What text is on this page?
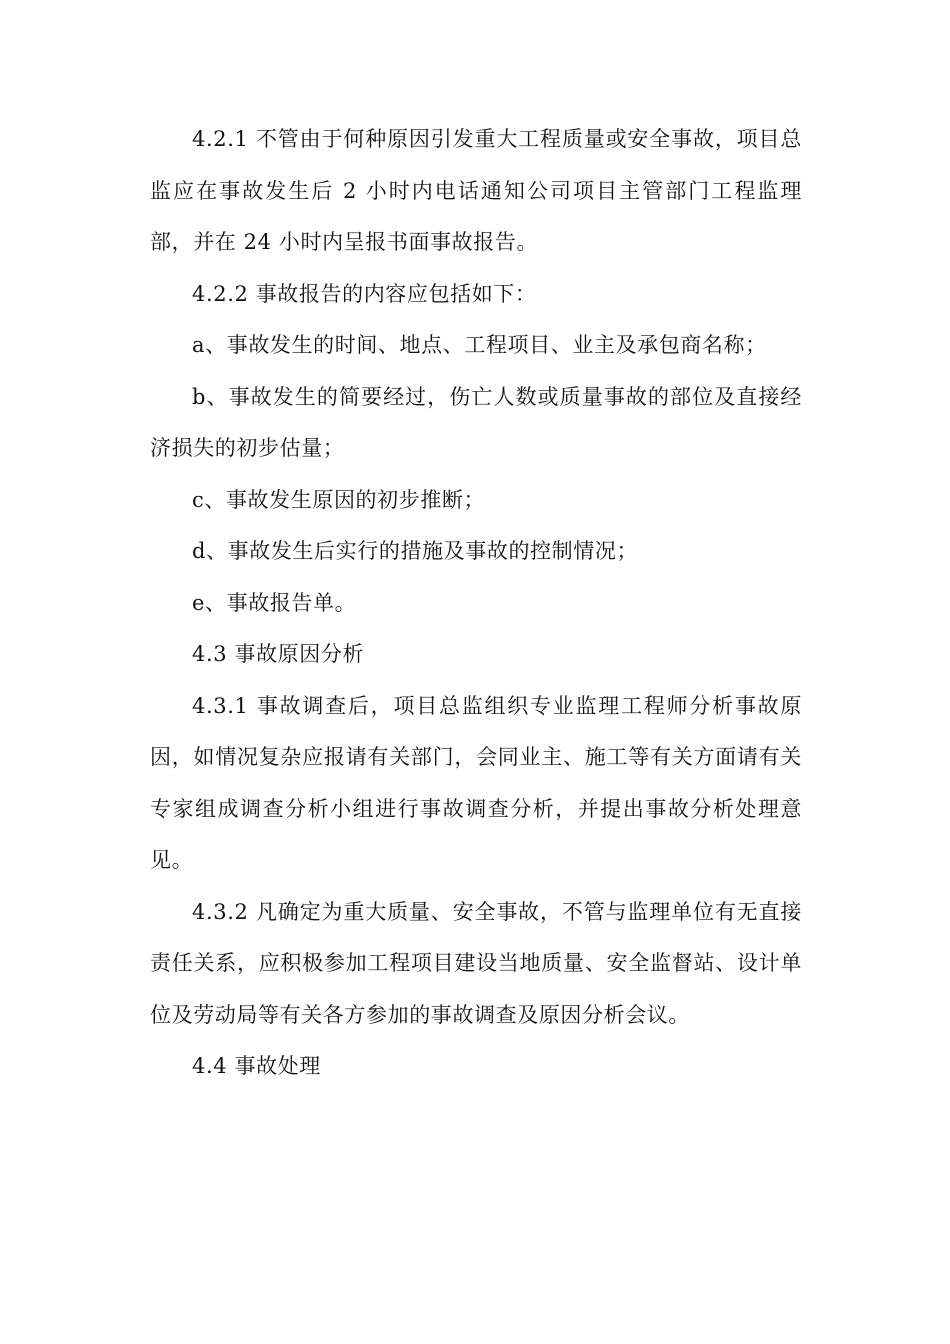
4.2.1 不管由于何种原因引发重大工程质量或安全事故，项目总监应在事故发生后 2 小时内电话通知公司项目主管部门工程监理部，并在 24 小时内呈报书面事故报告。

4.2.2 事故报告的内容应包括如下：

a、事故发生的时间、地点、工程项目、业主及承包商名称；

b、事故发生的简要经过，伤亡人数或质量事故的部位及直接经济损失的初步估量；

c、事故发生原因的初步推断；

d、事故发生后实行的措施及事故的控制情况；

e、事故报告单。

4.3 事故原因分析

4.3.1 事故调查后，项目总监组织专业监理工程师分析事故原因，如情况复杂应报请有关部门，会同业主、施工等有关方面请有关专家组成调查分析小组进行事故调查分析，并提出事故分析处理意见。

4.3.2 凡确定为重大质量、安全事故，不管与监理单位有无直接责任关系，应积极参加工程项目建设当地质量、安全监督站、设计单位及劳动局等有关各方参加的事故调查及原因分析会议。

4.4 事故处理
